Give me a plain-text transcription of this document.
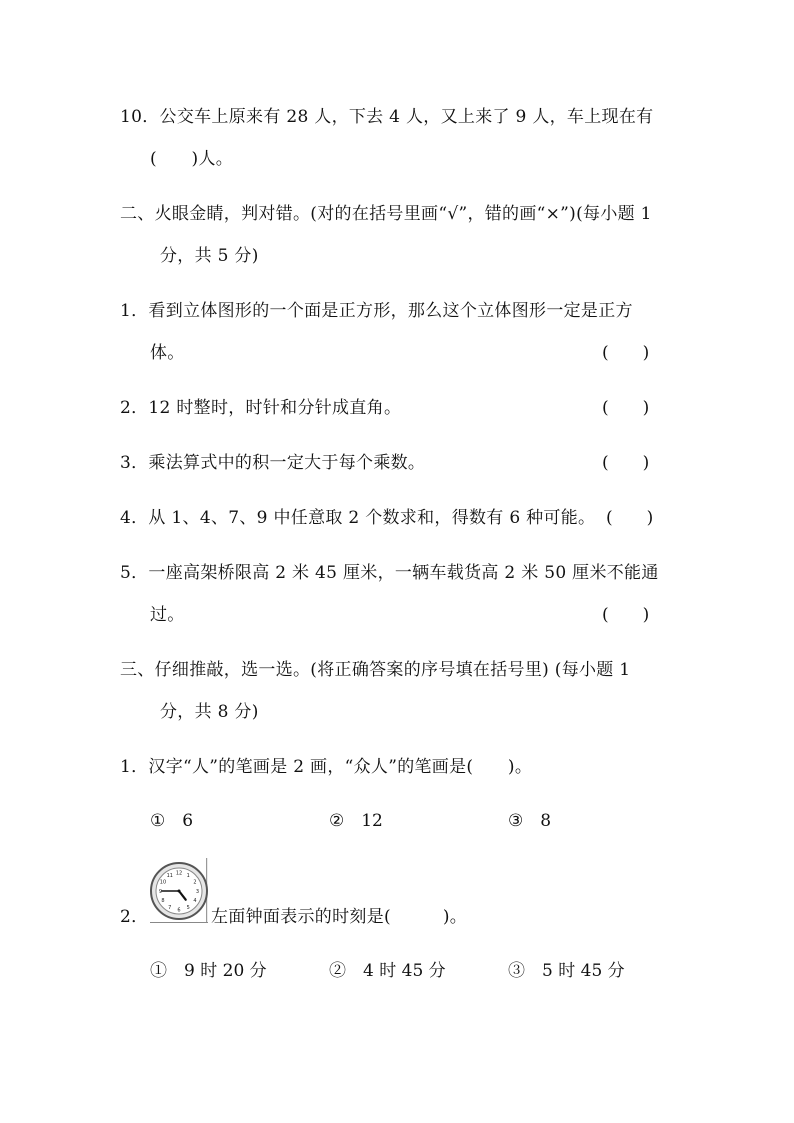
10．公交车上原来有 28 人，下去 4 人，又上来了 9 人，车上现在有
(　　)人。
二、火眼金睛，判对错。(对的在括号里画“√”，错的画“×”)(每小题 1
分，共 5 分)
1．看到立体图形的一个面是正方形，那么这个立体图形一定是正方
体。	(　　)
2．12 时整时，时针和分针成直角。	(　　)
3．乘法算式中的积一定大于每个乘数。	(　　)
4．从 1、4、7、9 中任意取 2 个数求和，得数有 6 种可能。 (　　)
5．一座高架桥限高 2 米 45 厘米，一辆车载货高 2 米 50 厘米不能通
过。	(　　)
三、仔细推敲，选一选。(将正确答案的序号填在括号里) (每小题 1
分，共 8 分)
1．汉字“人”的笔画是 2 画，“众人”的笔画是(　　)。
①　6	②　12	③　8
2．
1
2
3
4
5
6
7
8
9
10
11 12
左面钟面表示的时刻是(　　　)。
①　9 时 20 分	②　4 时 45 分	③　5 时 45 分
